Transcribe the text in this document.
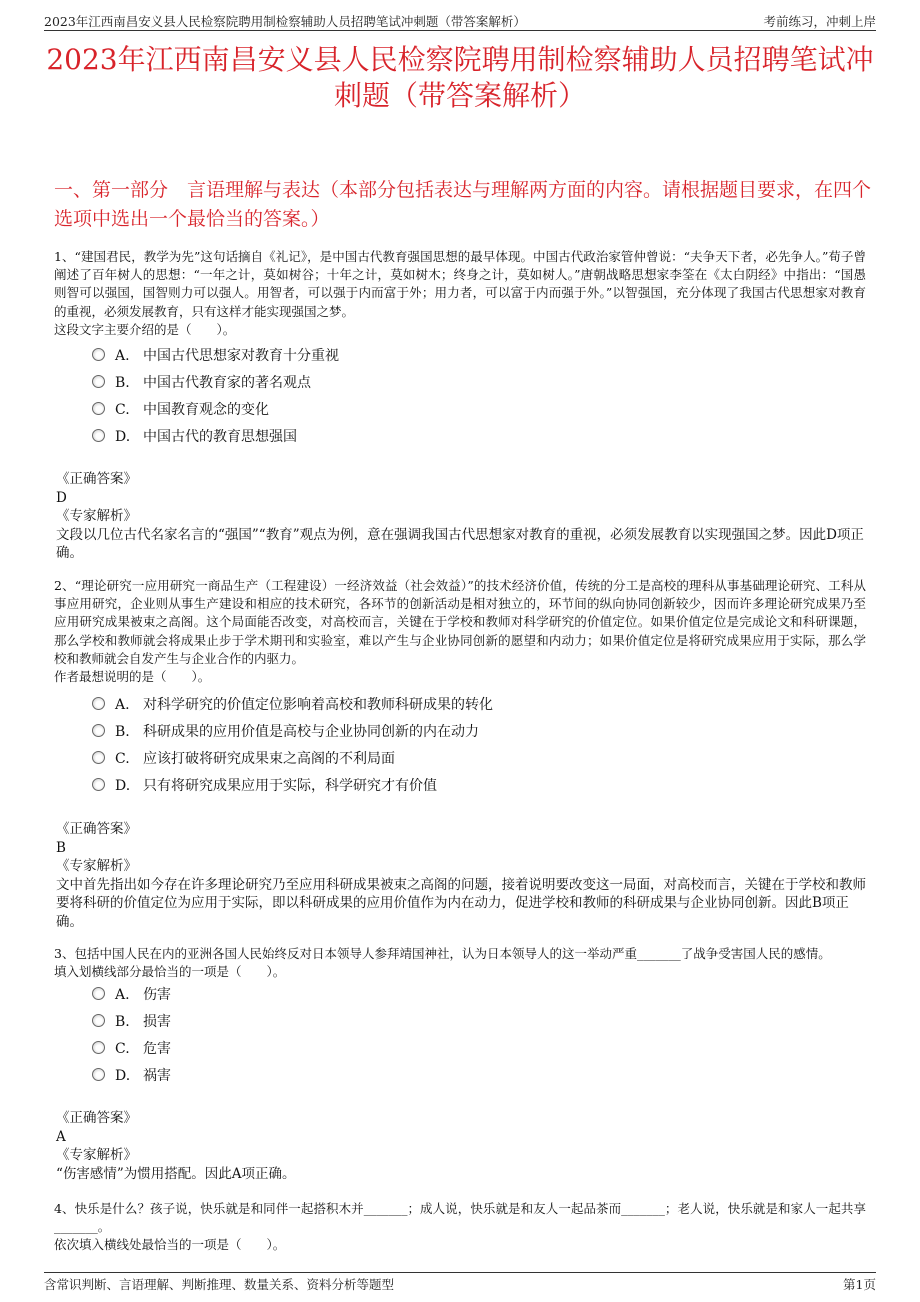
2023年江西南昌安义县人民检察院聘用制检察辅助人员招聘笔试冲刺题（带答案解析）	考前练习，冲刺上岸
2023年江西南昌安义县人民检察院聘用制检察辅助人员招聘笔试冲刺题（带答案解析）
一、第一部分　言语理解与表达（本部分包括表达与理解两方面的内容。请根据题目要求，在四个选项中选出一个最恰当的答案。）

1、“建国君民，教学为先”这句话摘自《礼记》，是中国古代教育强国思想的最早体现。中国古代政治家管仲曾说：“夫争天下者，必先争人。”荀子曾阐述了百年树人的思想：“一年之计，莫如树谷；十年之计，莫如树木；终身之计，莫如树人。”唐朝战略思想家李筌在《太白阴经》中指出：“国愚则智可以强国，国智则力可以强人。用智者，可以强于内而富于外；用力者，可以富于内而强于外。”以智强国，充分体现了我国古代思想家对教育的重视，必须发展教育，只有这样才能实现强国之梦。

这段文字主要介绍的是（　　）。

A. 中国古代思想家对教育十分重视
B. 中国古代教育家的著名观点
C. 中国教育观念的变化
D. 中国古代的教育思想强国

《正确答案》

D

《专家解析》

文段以几位古代名家名言的“强国”“教育”观点为例，意在强调我国古代思想家对教育的重视，必须发展教育以实现强国之梦。因此D项正确。

2、“理论研究一应用研究一商品生产（工程建设）一经济效益（社会效益）”的技术经济价值，传统的分工是高校的理科从事基础理论研究、工科从事应用研究，企业则从事生产建设和相应的技术研究，各环节的创新活动是相对独立的，环节间的纵向协同创新较少，因而许多理论研究成果乃至应用研究成果被束之高阁。这个局面能否改变，对高校而言，关键在于学校和教师对科学研究的价值定位。如果价值定位是完成论文和科研课题，那么学校和教师就会将成果止步于学术期刊和实验室，难以产生与企业协同创新的愿望和内动力；如果价值定位是将研究成果应用于实际，那么学校和教师就会自发产生与企业合作的内驱力。

作者最想说明的是（　　）。

A. 对科学研究的价值定位影响着高校和教师科研成果的转化
B. 科研成果的应用价值是高校与企业协同创新的内在动力
C. 应该打破将研究成果束之高阁的不利局面
D. 只有将研究成果应用于实际，科学研究才有价值

《正确答案》

B

《专家解析》

文中首先指出如今存在许多理论研究乃至应用科研成果被束之高阁的问题，接着说明要改变这一局面，对高校而言，关键在于学校和教师要将科研的价值定位为应用于实际，即以科研成果的应用价值作为内在动力，促进学校和教师的科研成果与企业协同创新。因此B项正确。

3、包括中国人民在内的亚洲各国人民始终反对日本领导人参拜靖国神社，认为日本领导人的这一举动严重_______了战争受害国人民的感情。

填入划横线部分最恰当的一项是（　　）。

A. 伤害
B. 损害
C. 危害
D. 祸害

《正确答案》

A

《专家解析》

“伤害感情”为惯用搭配。因此A项正确。

4、快乐是什么？孩子说，快乐就是和同伴一起搭积木并_______；成人说，快乐就是和友人一起品茶而_______；老人说，快乐就是和家人一起共享_______。

依次填入横线处最恰当的一项是（　　）。

含常识判断、言语理解、判断推理、数量关系、资料分析等题型	第1页
